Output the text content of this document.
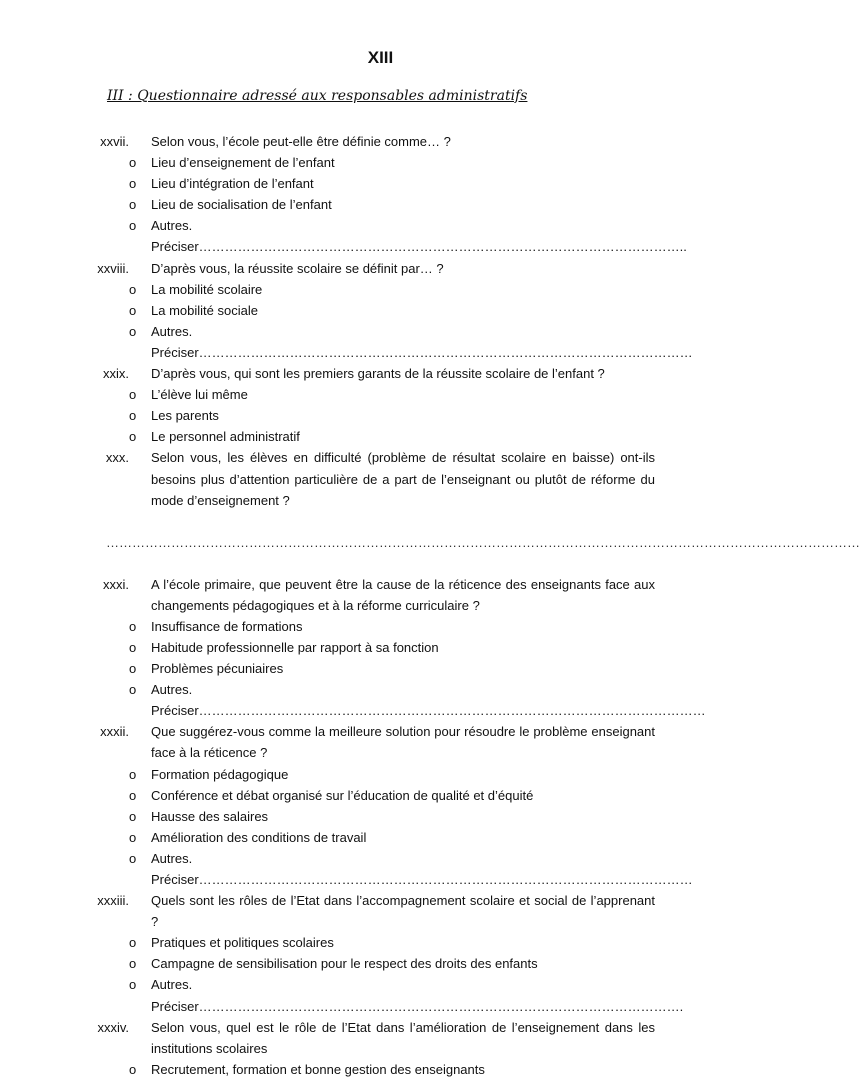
XIII
III : Questionnaire adressé aux responsables administratifs
xxvii. Selon vous, l’école peut-elle être définie comme… ?
o Lieu d’enseignement de l’enfant
o Lieu d’intégration de l’enfant
o Lieu de socialisation de l’enfant
o Autres. Préciser…………………………………………………………………………………………………..
xxviii. D’après vous, la réussite scolaire se définit par… ?
o La mobilité scolaire
o La mobilité sociale
o Autres. Préciser……………………………………………………………………………………………………
xxix. D’après vous, qui sont les premiers garants de la réussite scolaire de l’enfant ?
o L’élève lui même
o Les parents
o Le personnel administratif
xxx. Selon vous, les élèves en difficulté (problème de résultat scolaire en baisse) ont-ils besoins plus d’attention particulière de a part de l’enseignant ou plutôt de réforme du mode d’enseignement ?
…………………………………………………………………………………………………………………………………………………………
xxxi. A l’école primaire, que peuvent être la cause de la réticence des enseignants face aux changements pédagogiques et à la réforme curriculaire ?
o Insuffisance de formations
o Habitude professionnelle par rapport à sa fonction
o Problèmes pécuniaires
o Autres. Préciser………………………………………………………………………………………………………
xxxii. Que suggérez-vous comme la meilleure solution pour résoudre le problème enseignant face à la réticence ?
o Formation pédagogique
o Conférence et débat organisé sur l’éducation de qualité et d’équité
o Hausse des salaires
o Amélioration des conditions de travail
o Autres. Préciser……………………………………………………………………………………………………
xxxiii. Quels sont les rôles de l’Etat dans l’accompagnement scolaire et social de l’apprenant ?
o Pratiques et politiques scolaires
o Campagne de sensibilisation pour le respect des droits des enfants
o Autres. Préciser………………………………………………………………………………………………….
xxxiv. Selon vous, quel est le rôle de l’Etat dans l’amélioration de l’enseignement dans les institutions scolaires
o Recrutement, formation et bonne gestion des enseignants
